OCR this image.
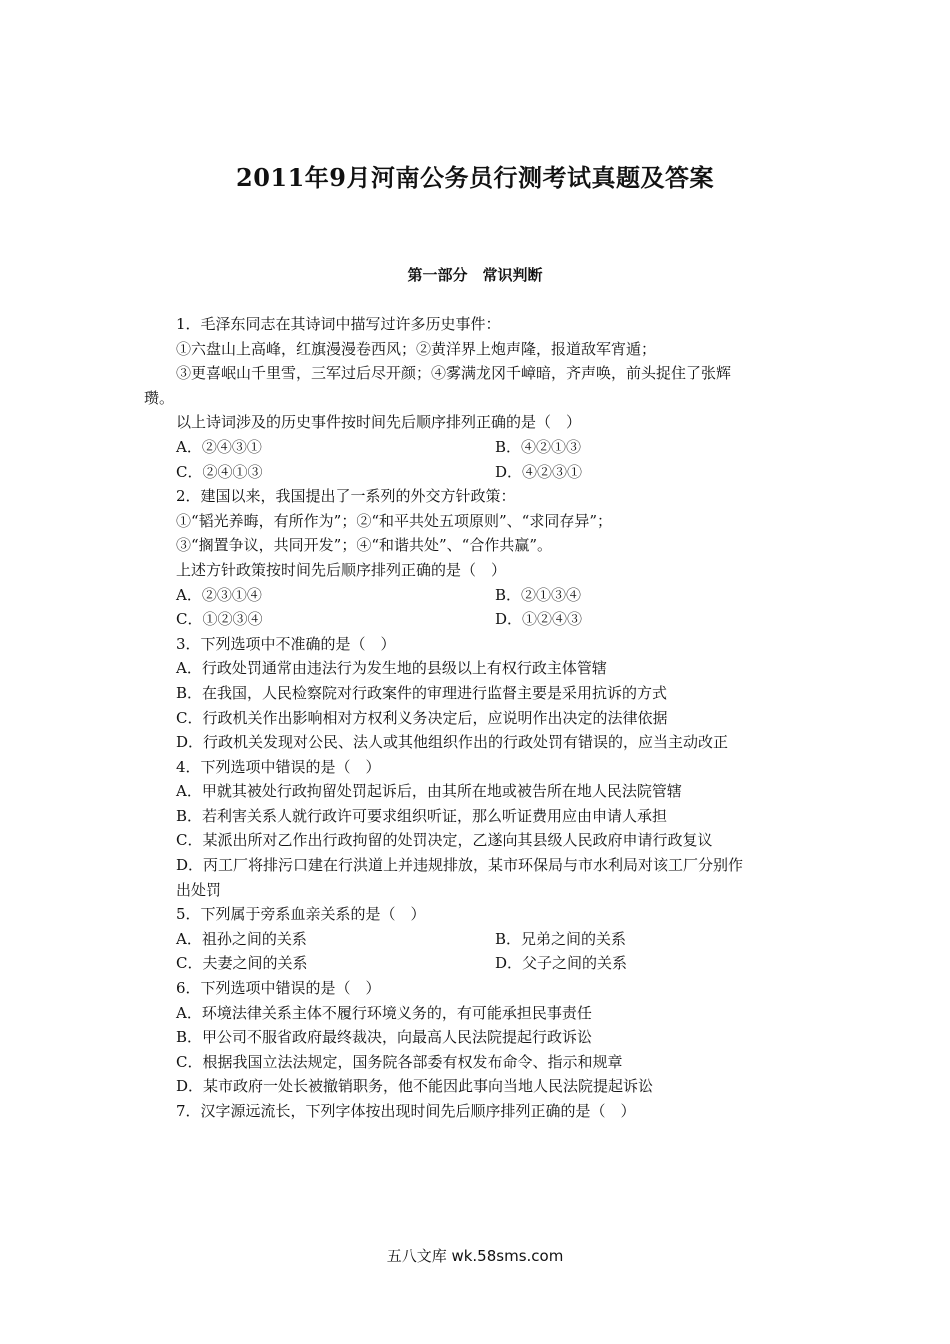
2011年9月河南公务员行测考试真题及答案
第一部分　常识判断
1．毛泽东同志在其诗词中描写过许多历史事件：
①六盘山上高峰，红旗漫漫卷西风；②黄洋界上炮声隆，报道敌军宵遁；
③更喜岷山千里雪，三军过后尽开颜；④雾满龙冈千嶂暗，齐声唤，前头捉住了张辉
瓒。
以上诗词涉及的历史事件按时间先后顺序排列正确的是（　）
A．②④③①	B．④②①③
C．②④①③	D．④②③①
2．建国以来，我国提出了一系列的外交方针政策：
①“韬光养晦，有所作为”；②“和平共处五项原则”、“求同存异”；
③“搁置争议，共同开发”；④“和谐共处”、“合作共赢”。
上述方针政策按时间先后顺序排列正确的是（　）
A．②③①④	B．②①③④
C．①②③④	D．①②④③
3．下列选项中不准确的是（　）
A．行政处罚通常由违法行为发生地的县级以上有权行政主体管辖
B．在我国，人民检察院对行政案件的审理进行监督主要是采用抗诉的方式
C．行政机关作出影响相对方权利义务决定后，应说明作出决定的法律依据
D．行政机关发现对公民、法人或其他组织作出的行政处罚有错误的，应当主动改正
4．下列选项中错误的是（　）
A．甲就其被处行政拘留处罚起诉后，由其所在地或被告所在地人民法院管辖
B．若利害关系人就行政许可要求组织听证，那么听证费用应由申请人承担
C．某派出所对乙作出行政拘留的处罚决定，乙遂向其县级人民政府申请行政复议
D．丙工厂将排污口建在行洪道上并违规排放，某市环保局与市水利局对该工厂分别作
出处罚
5．下列属于旁系血亲关系的是（　）
A．祖孙之间的关系	B．兄弟之间的关系
C．夫妻之间的关系	D．父子之间的关系
6．下列选项中错误的是（　）
A．环境法律关系主体不履行环境义务的，有可能承担民事责任
B．甲公司不服省政府最终裁决，向最高人民法院提起行政诉讼
C．根据我国立法法规定，国务院各部委有权发布命令、指示和规章
D．某市政府一处长被撤销职务，他不能因此事向当地人民法院提起诉讼
7．汉字源远流长，下列字体按出现时间先后顺序排列正确的是（　）
五八文库 wk.58sms.com
